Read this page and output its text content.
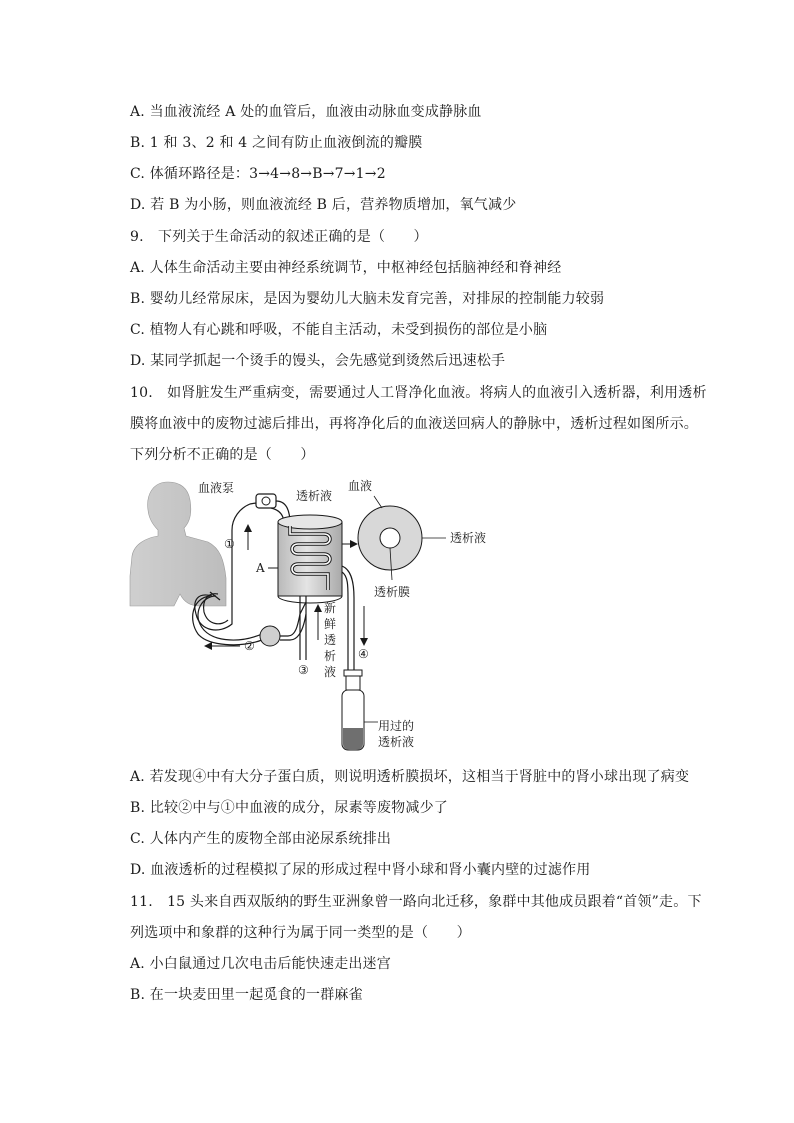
A. 当血液流经 A 处的血管后，血液由动脉血变成静脉血
B. 1 和 3、2 和 4 之间有防止血液倒流的瓣膜
C. 体循环路径是：3→4→8→B→7→1→2
D. 若 B 为小肠，则血液流经 B 后，营养物质增加，氧气减少
9.　下列关于生命活动的叙述正确的是（　　）
A. 人体生命活动主要由神经系统调节，中枢神经包括脑神经和脊神经
B. 婴幼儿经常尿床，是因为婴幼儿大脑未发育完善，对排尿的控制能力较弱
C. 植物人有心跳和呼吸，不能自主活动，未受到损伤的部位是小脑
D. 某同学抓起一个烫手的馒头，会先感觉到烫然后迅速松手
10.　如肾脏发生严重病变，需要通过人工肾净化血液。将病人的血液引入透析器，利用透析
膜将血液中的废物过滤后排出，再将净化后的血液送回病人的静脉中，透析过程如图所示。
下列分析不正确的是（　　）
血液泵
透析液
血液
透析液
透析膜
A
①
②
③
④
新
鲜
透
析
液
用过的
透析液
A. 若发现④中有大分子蛋白质，则说明透析膜损坏，这相当于肾脏中的肾小球出现了病变
B. 比较②中与①中血液的成分，尿素等废物减少了
C. 人体内产生的废物全部由泌尿系统排出
D. 血液透析的过程模拟了尿的形成过程中肾小球和肾小囊内壁的过滤作用
11.　15 头来自西双版纳的野生亚洲象曾一路向北迁移，象群中其他成员跟着“首领”走。下
列选项中和象群的这种行为属于同一类型的是（　　）
A. 小白鼠通过几次电击后能快速走出迷宫
B. 在一块麦田里一起觅食的一群麻雀
